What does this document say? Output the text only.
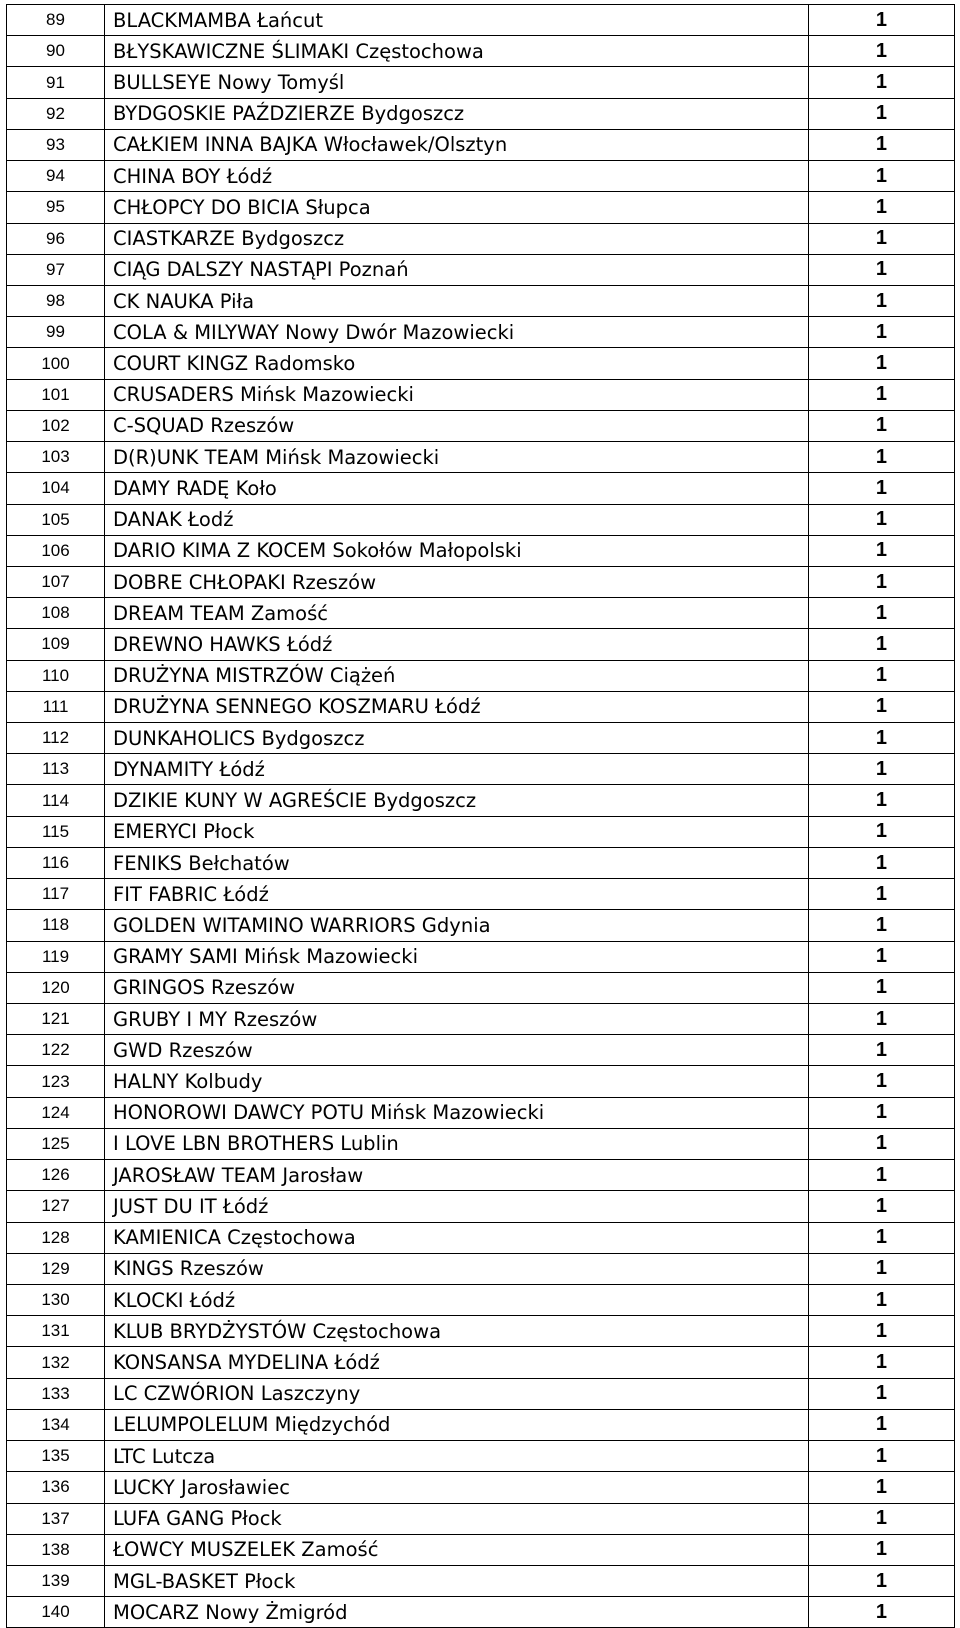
89	BLACKMAMBA Łańcut	1
90	BŁYSKAWICZNE ŚLIMAKI Częstochowa	1
91	BULLSEYE Nowy Tomyśl	1
92	BYDGOSKIE PAŹDZIERZE Bydgoszcz	1
93	CAŁKIEM INNA BAJKA Włocławek/Olsztyn	1
94	CHINA BOY Łódź	1
95	CHŁOPCY DO BICIA Słupca	1
96	CIASTKARZE Bydgoszcz	1
97	CIĄG DALSZY NASTĄPI Poznań	1
98	CK NAUKA Piła	1
99	COLA & MILYWAY Nowy Dwór Mazowiecki	1
100	COURT KINGZ Radomsko	1
101	CRUSADERS Mińsk Mazowiecki	1
102	C-SQUAD Rzeszów	1
103	D(R)UNK TEAM Mińsk Mazowiecki	1
104	DAMY RADĘ Koło	1
105	DANAK Łodź	1
106	DARIO KIMA Z KOCEM Sokołów Małopolski	1
107	DOBRE CHŁOPAKI Rzeszów	1
108	DREAM TEAM Zamość	1
109	DREWNO HAWKS Łódź	1
110	DRUŻYNA MISTRZÓW Ciążeń	1
111	DRUŻYNA SENNEGO KOSZMARU Łódź	1
112	DUNKAHOLICS Bydgoszcz	1
113	DYNAMITY Łódź	1
114	DZIKIE KUNY W AGREŚCIE Bydgoszcz	1
115	EMERYCI Płock	1
116	FENIKS Bełchatów	1
117	FIT FABRIC Łódź	1
118	GOLDEN WITAMINO WARRIORS Gdynia	1
119	GRAMY SAMI Mińsk Mazowiecki	1
120	GRINGOS Rzeszów	1
121	GRUBY I MY Rzeszów	1
122	GWD Rzeszów	1
123	HALNY Kolbudy	1
124	HONOROWI DAWCY POTU Mińsk Mazowiecki	1
125	I LOVE LBN BROTHERS Lublin	1
126	JAROSŁAW TEAM Jarosław	1
127	JUST DU IT Łódź	1
128	KAMIENICA Częstochowa	1
129	KINGS Rzeszów	1
130	KLOCKI Łódź	1
131	KLUB BRYDŻYSTÓW Częstochowa	1
132	KONSANSA MYDELINA Łódź	1
133	LC CZWÓRION Laszczyny	1
134	LELUMPOLELUM Międzychód	1
135	LTC Lutcza	1
136	LUCKY Jarosławiec	1
137	LUFA GANG Płock	1
138	ŁOWCY MUSZELEK Zamość	1
139	MGL-BASKET Płock	1
140	MOCARZ Nowy Żmigród	1
